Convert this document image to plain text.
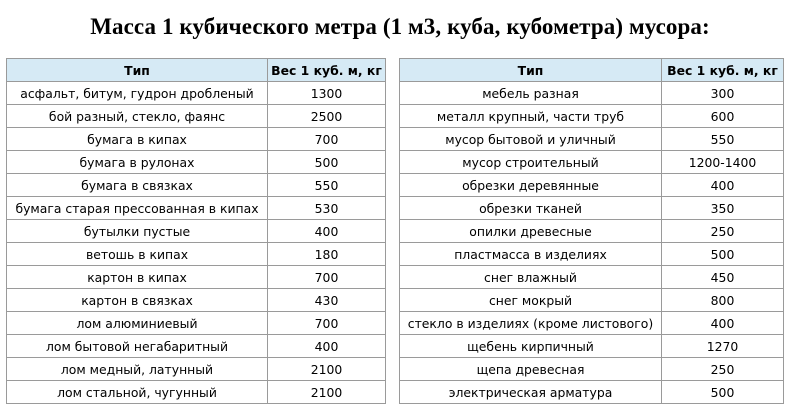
Масса 1 кубического метра (1 м3, куба, кубометра) мусора:
Тип	Вес 1 куб. м, кг
асфальт, битум, гудрон дробленый	1300
бой разный, стекло, фаянс	2500
бумага в кипах	700
бумага в рулонах	500
бумага в связках	550
бумага старая прессованная в кипах	530
бутылки пустые	400
ветошь в кипах	180
картон в кипах	700
картон в связках	430
лом алюминиевый	700
лом бытовой негабаритный	400
лом медный, латунный	2100
лом стальной, чугунный	2100
Тип	Вес 1 куб. м, кг
мебель разная	300
металл крупный, части труб	600
мусор бытовой и уличный	550
мусор строительный	1200-1400
обрезки деревянные	400
обрезки тканей	350
опилки древесные	250
пластмасса в изделиях	500
снег влажный	450
снег мокрый	800
стекло в изделиях (кроме листового)	400
щебень кирпичный	1270
щепа древесная	250
электрическая арматура	500
